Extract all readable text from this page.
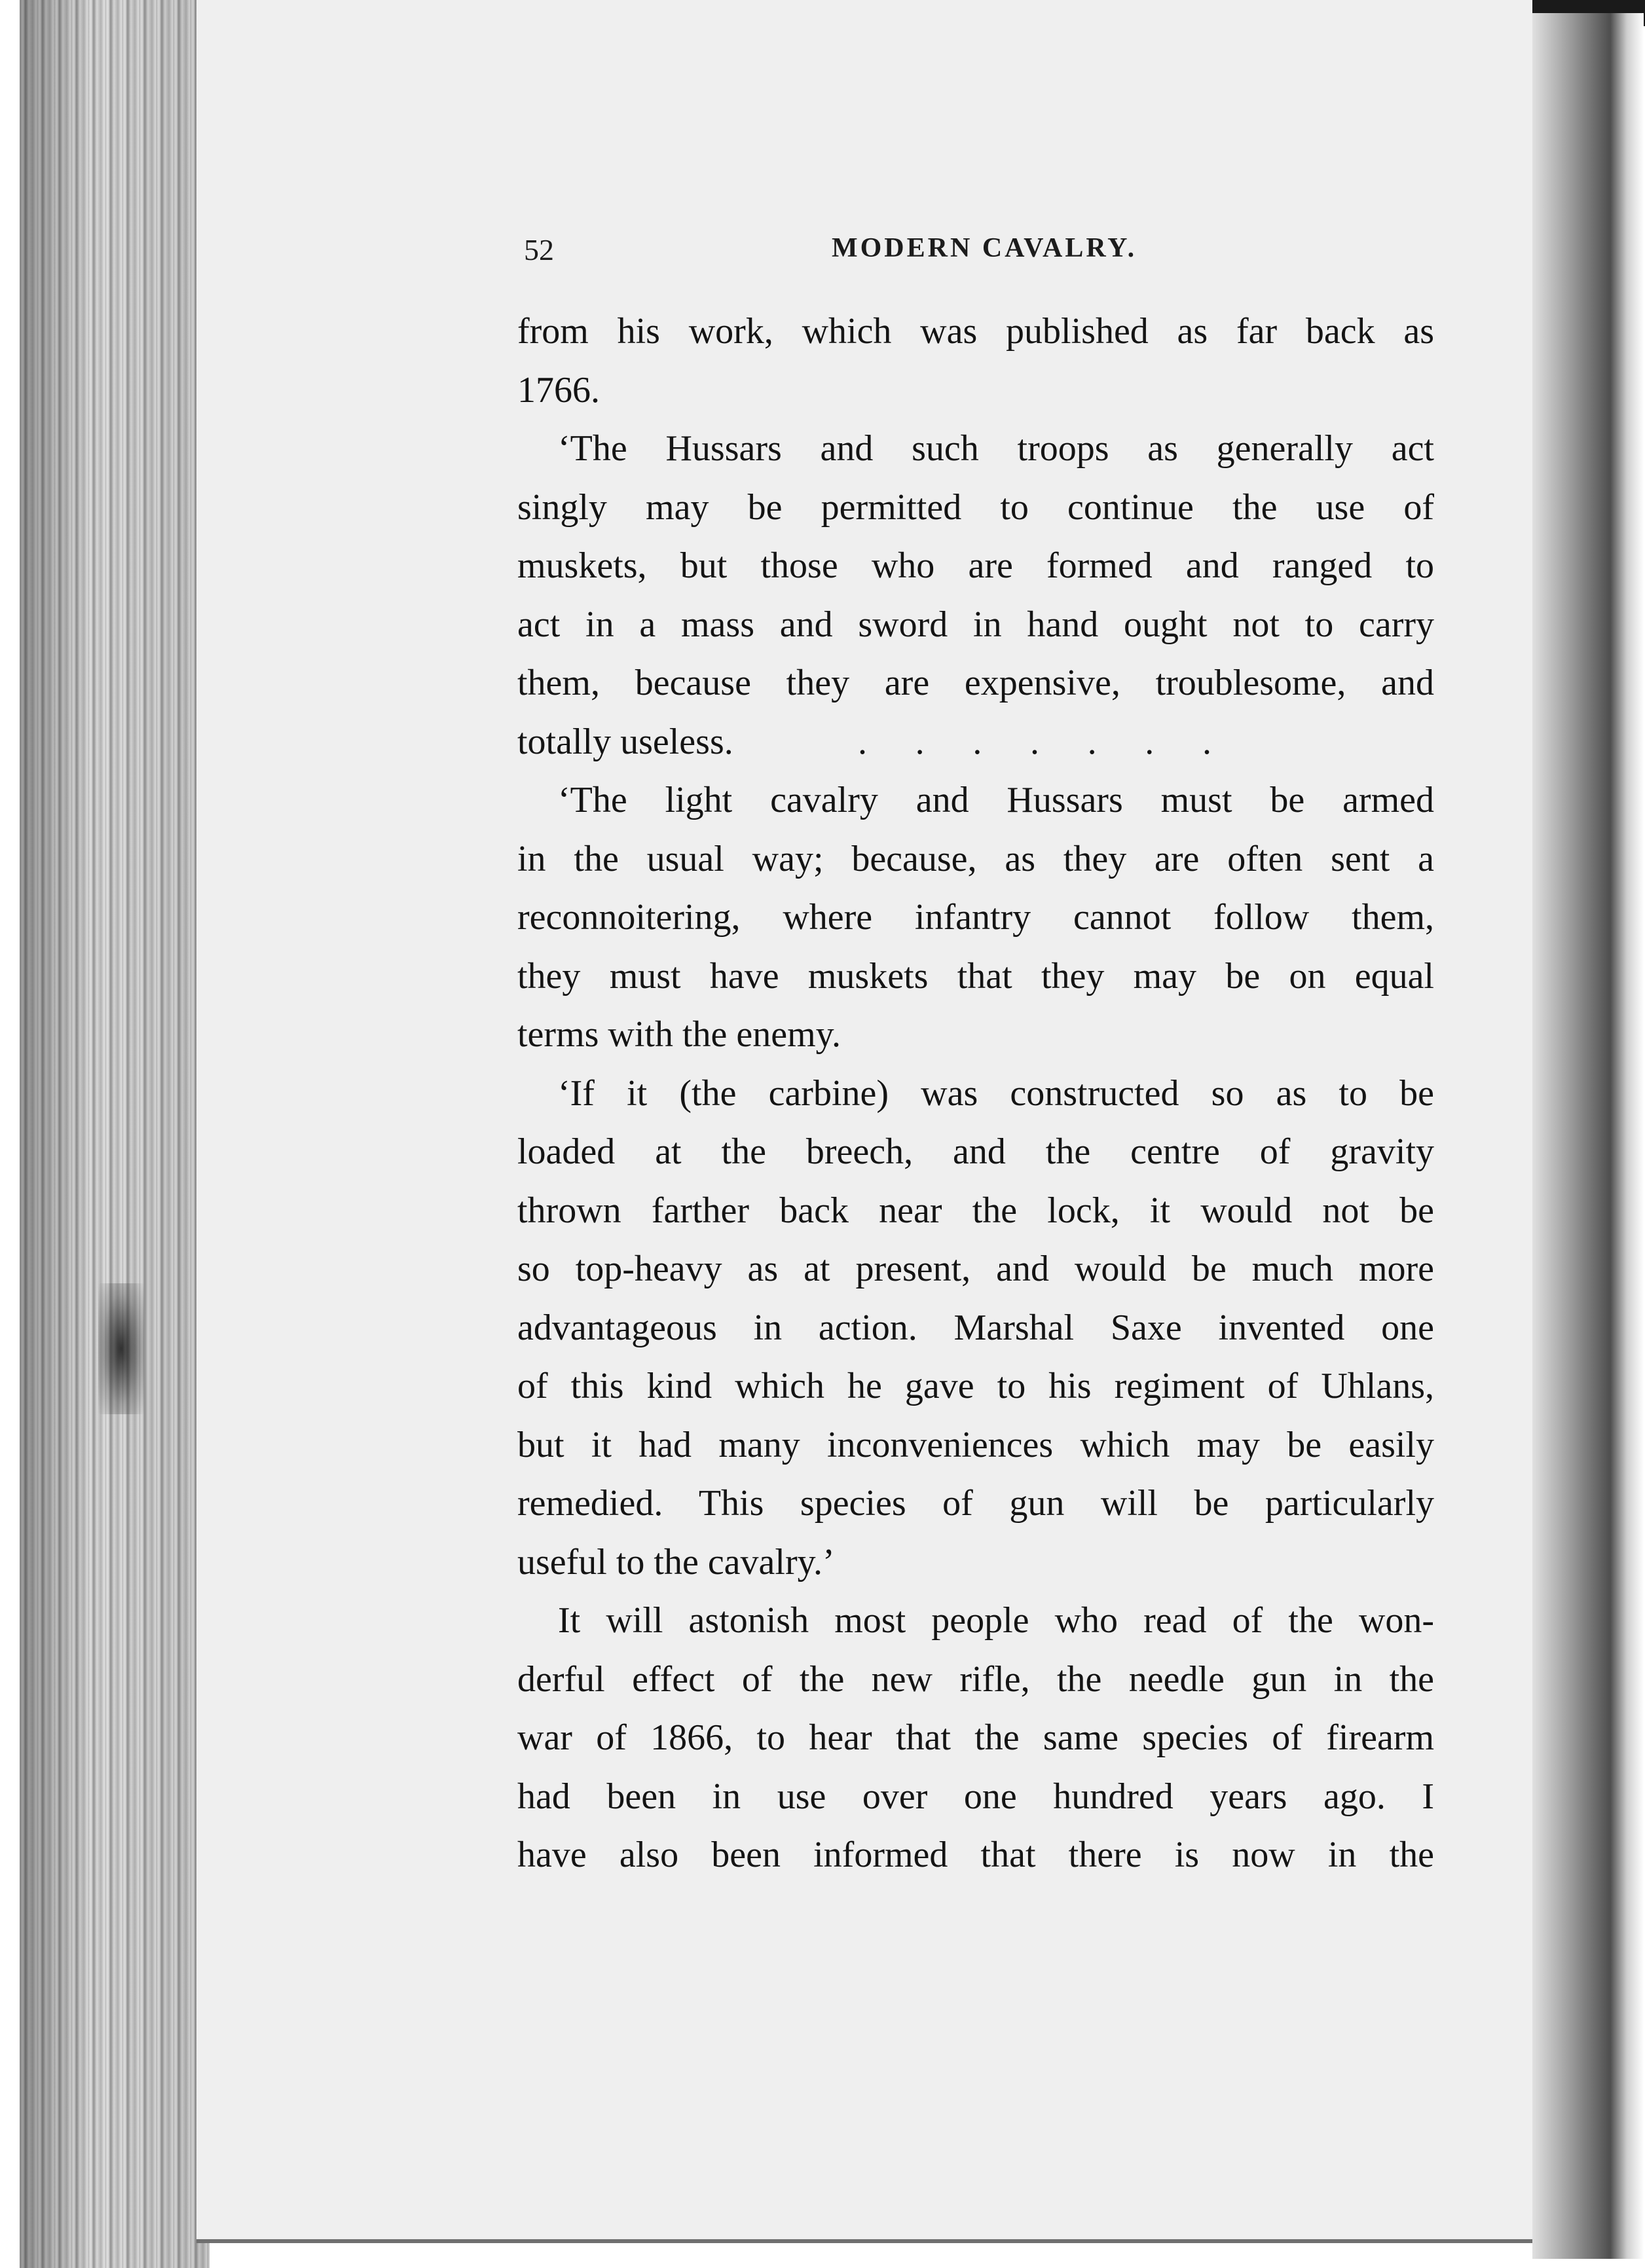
52	MODERN CAVALRY.
from his work, which was published as far back as
1766.
‘The Hussars and such troops as generally act
singly may be permitted to continue the use of
muskets, but those who are formed and ranged to
act in a mass and sword in hand ought not to carry
them, because they are expensive, troublesome, and
totally useless.	. . . . . . .
‘The light cavalry and Hussars must be armed
in the usual way; because, as they are often sent a
reconnoitering, where infantry cannot follow them,
they must have muskets that they may be on equal
terms with the enemy.
‘If it (the carbine) was constructed so as to be
loaded at the breech, and the centre of gravity
thrown farther back near the lock, it would not be
so top-heavy as at present, and would be much more
advantageous in action. Marshal Saxe invented one
of this kind which he gave to his regiment of Uhlans,
but it had many inconveniences which may be easily
remedied. This species of gun will be particularly
useful to the cavalry.’
It will astonish most people who read of the won-
derful effect of the new rifle, the needle gun in the
war of 1866, to hear that the same species of firearm
had been in use over one hundred years ago. I
have also been informed that there is now in the
